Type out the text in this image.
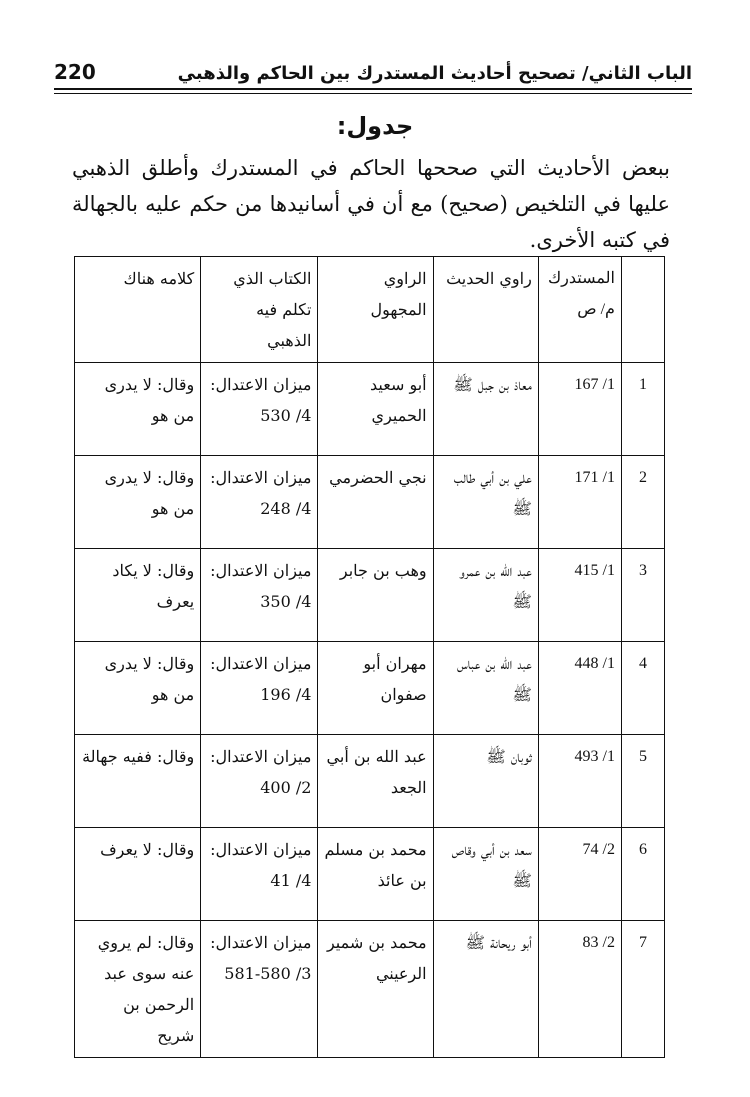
220	الباب الثاني/ تصحيح أحاديث المستدرك بين الحاكم والذهبي
جدول:

ببعض الأحاديث التي صححها الحاكم في المستدرك وأطلق الذهبي عليها في التلخيص (صحيح) مع أن في أسانيدها من حكم عليه بالجهالة في كتبه الأخرى.

	المستدرك م/ ص	راوي الحديث	الراوي المجهول	الكتاب الذي تكلم فيه الذهبي	كلامه هناك
1	1/ 167	معاذ بن جبل ﷺ	أبو سعيد الحميري	ميزان الاعتدال: 4/ 530	وقال: لا يدرى من هو
2	1/ 171	علي بن أبي طالب ﷺ	نجي الحضرمي	ميزان الاعتدال: 4/ 248	وقال: لا يدرى من هو
3	1/ 415	عبد الله بن عمرو ﷺ	وهب بن جابر	ميزان الاعتدال: 4/ 350	وقال: لا يكاد يعرف
4	1/ 448	عبد الله بن عباس ﷺ	مهران أبو صفوان	ميزان الاعتدال: 4/ 196	وقال: لا يدرى من هو
5	1/ 493	ثوبان ﷺ	عبد الله بن أبي الجعد	ميزان الاعتدال: 2/ 400	وقال: ففيه جهالة
6	2/ 74	سعد بن أبي وقاص ﷺ	محمد بن مسلم بن عائذ	ميزان الاعتدال: 4/ 41	وقال: لا يعرف
7	2/ 83	أبو ريحانة ﷺ	محمد بن شمير الرعيني	ميزان الاعتدال: 3/ 580-581	وقال: لم يروي عنه سوى عبد الرحمن بن شريح
